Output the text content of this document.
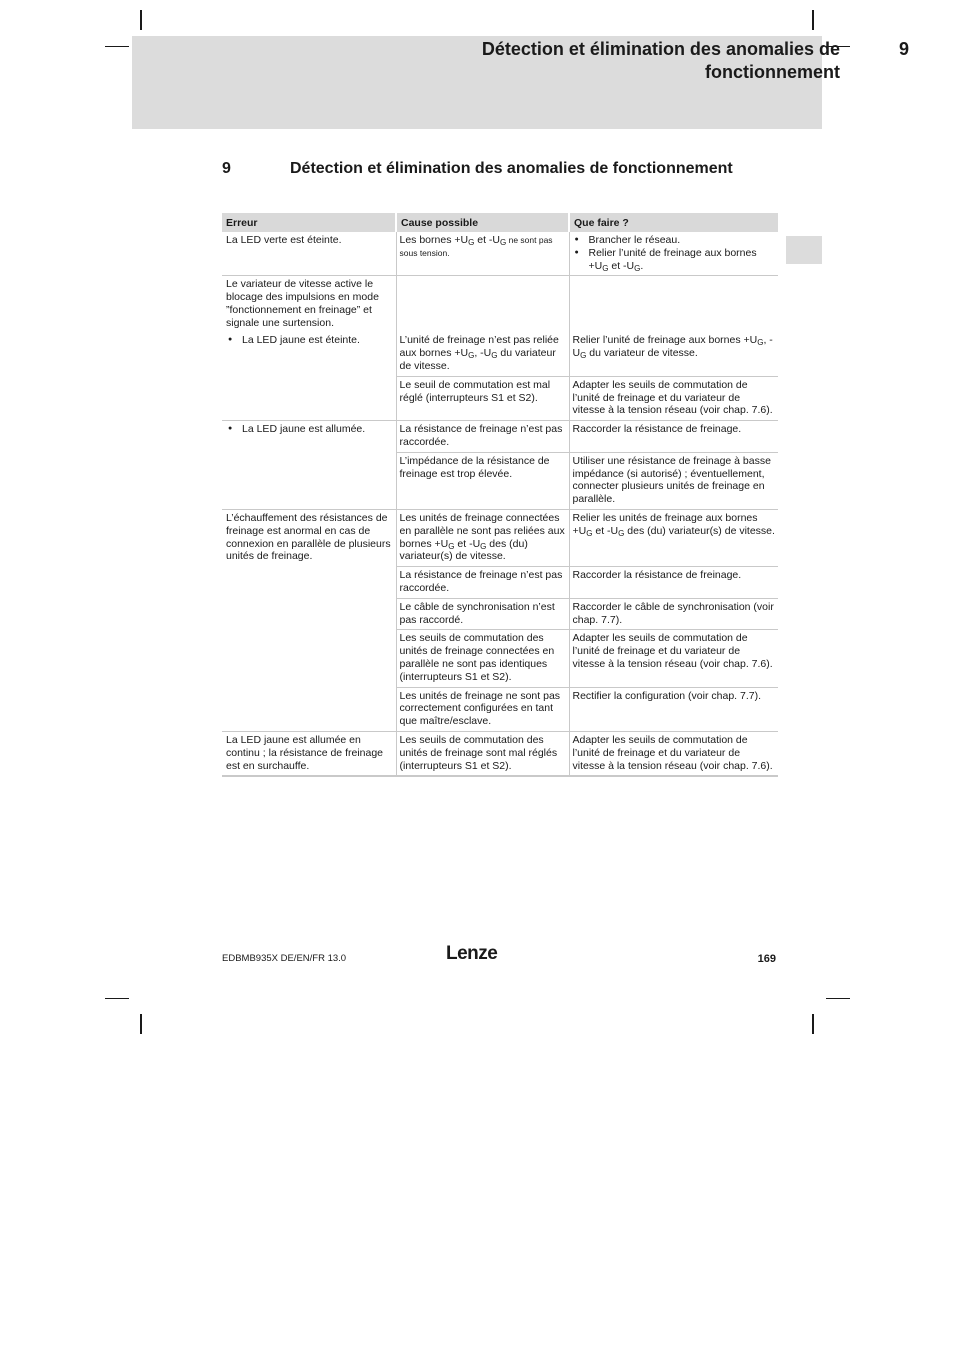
Détection et élimination des anomalies de
fonctionnement
9
9	Détection et élimination des anomalies de fonctionnement
Erreur	Cause possible	Que faire ?
La LED verte est éteinte.	Les bornes $+U_G$ et $-U_G$ ne sont pas sous tension.	● Brancher le réseau.

● Relier l’unité de freinage aux bornes $+U_G$ et $-U_G$.

Le variateur de vitesse active le blocage des impulsions en mode ”fonctionnement en freinage” et signale une surtension.

● La LED jaune est éteinte.	L’unité de freinage n’est pas reliée aux bornes $+U_G$, $-U_G$ du variateur de vitesse.	Relier l’unité de freinage aux bornes $+U_G$, $-U_G$ du variateur de vitesse.
	Le seuil de commutation est mal réglé (interrupteurs S1 et S2).	Adapter les seuils de commutation de l’unité de freinage et du variateur de vitesse à la tension réseau (voir chap. 7.6).

● La LED jaune est allumée.	La résistance de freinage n’est pas raccordée.	Raccorder la résistance de freinage.
	L’impédance de la résistance de freinage est trop élevée.	Utiliser une résistance de freinage à basse impédance (si autorisé) ; éventuellement, connecter plusieurs unités de freinage en parallèle.
L’échauffement des résistances de freinage est anormal en cas de connexion en parallèle de plusieurs unités de freinage.	Les unités de freinage connectées en parallèle ne sont pas reliées aux bornes $+U_G$ et $-U_G$ des (du) variateur(s) de vitesse.	Relier les unités de freinage aux bornes $+U_G$ et $-U_G$ des (du) variateur(s) de vitesse.
	La résistance de freinage n’est pas raccordée.	Raccorder la résistance de freinage.
	Le câble de synchronisation n’est pas raccordé.	Raccorder le câble de synchronisation (voir chap. 7.7).
	Les seuils de commutation des unités de freinage connectées en parallèle ne sont pas identiques (interrupteurs S1 et S2).	Adapter les seuils de commutation de l’unité de freinage et du variateur de vitesse à la tension réseau (voir chap. 7.6).
	Les unités de freinage ne sont pas correctement configurées en tant que maître/esclave.	Rectifier la configuration (voir chap. 7.7).
La LED jaune est allumée en continu ; la résistance de freinage est en surchauffe.	Les seuils de commutation des unités de freinage sont mal réglés (interrupteurs S1 et S2).	Adapter les seuils de commutation de l’unité de freinage et du variateur de vitesse à la tension réseau (voir chap. 7.6).
EDBMB935X DE/EN/FR 13.0	Lenze	169
